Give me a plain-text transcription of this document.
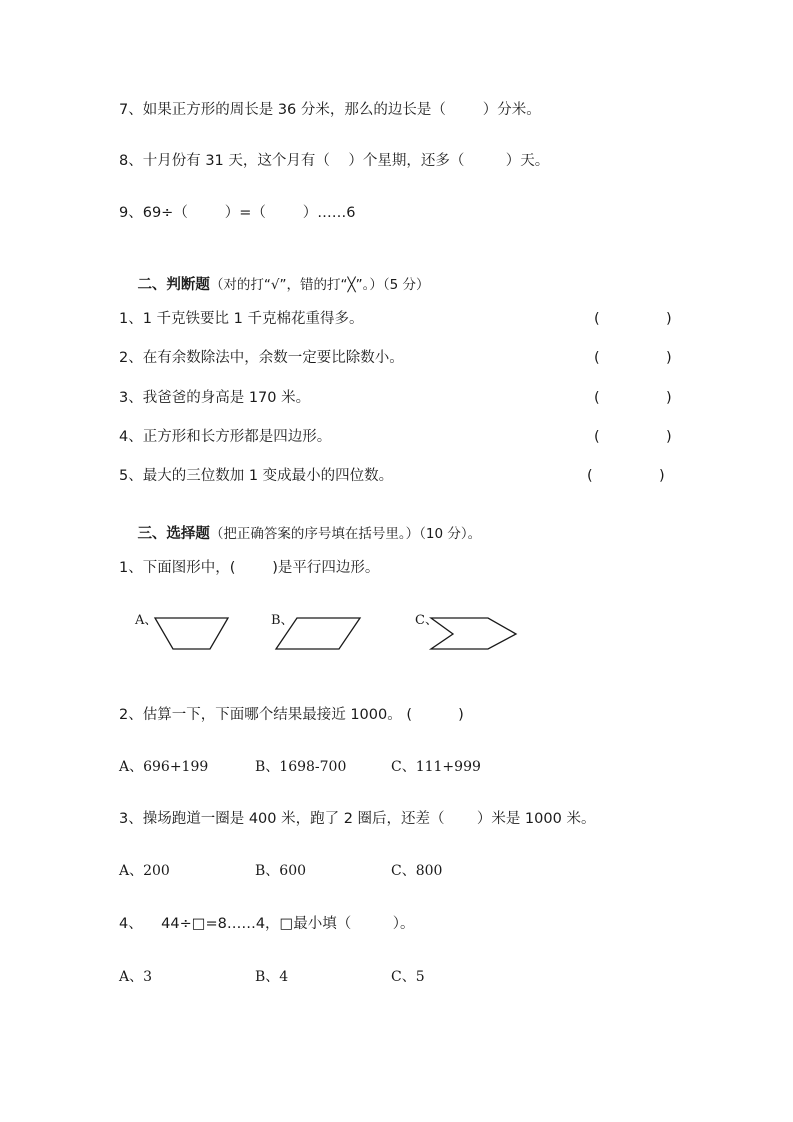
7、如果正方形的周长是 36 分米，那么的边长是（        ）分米。
8、十月份有 31 天，这个月有（    ）个星期，还多（         ）天。
9、69÷（        ）=（        ）……6

二、判断题（对的打“√”，错的打“╳”。）（5 分）

1、1 千克铁要比 1 千克棉花重得多。	(	)
2、在有余数除法中，余数一定要比除数小。	(	)
3、我爸爸的身高是 170 米。	(	)
4、正方形和长方形都是四边形。	(	)
5、最大的三位数加 1 变成最小的四位数。	(	)

三、选择题（把正确答案的序号填在括号里。）（10 分）。

1、下面图形中，(        )是平行四边形。
A、	B、	C、
2、估算一下，下面哪个结果最接近 1000。 (          )
A、696+199	B、1698-700	C、111+999
3、操场跑道一圈是 400 米，跑了 2 圈后，还差（       ）米是 1000 米。
A、200	B、600	C、800
4、    44÷□=8……4，□最小填（         ）。
A、3	B、4	C、5
